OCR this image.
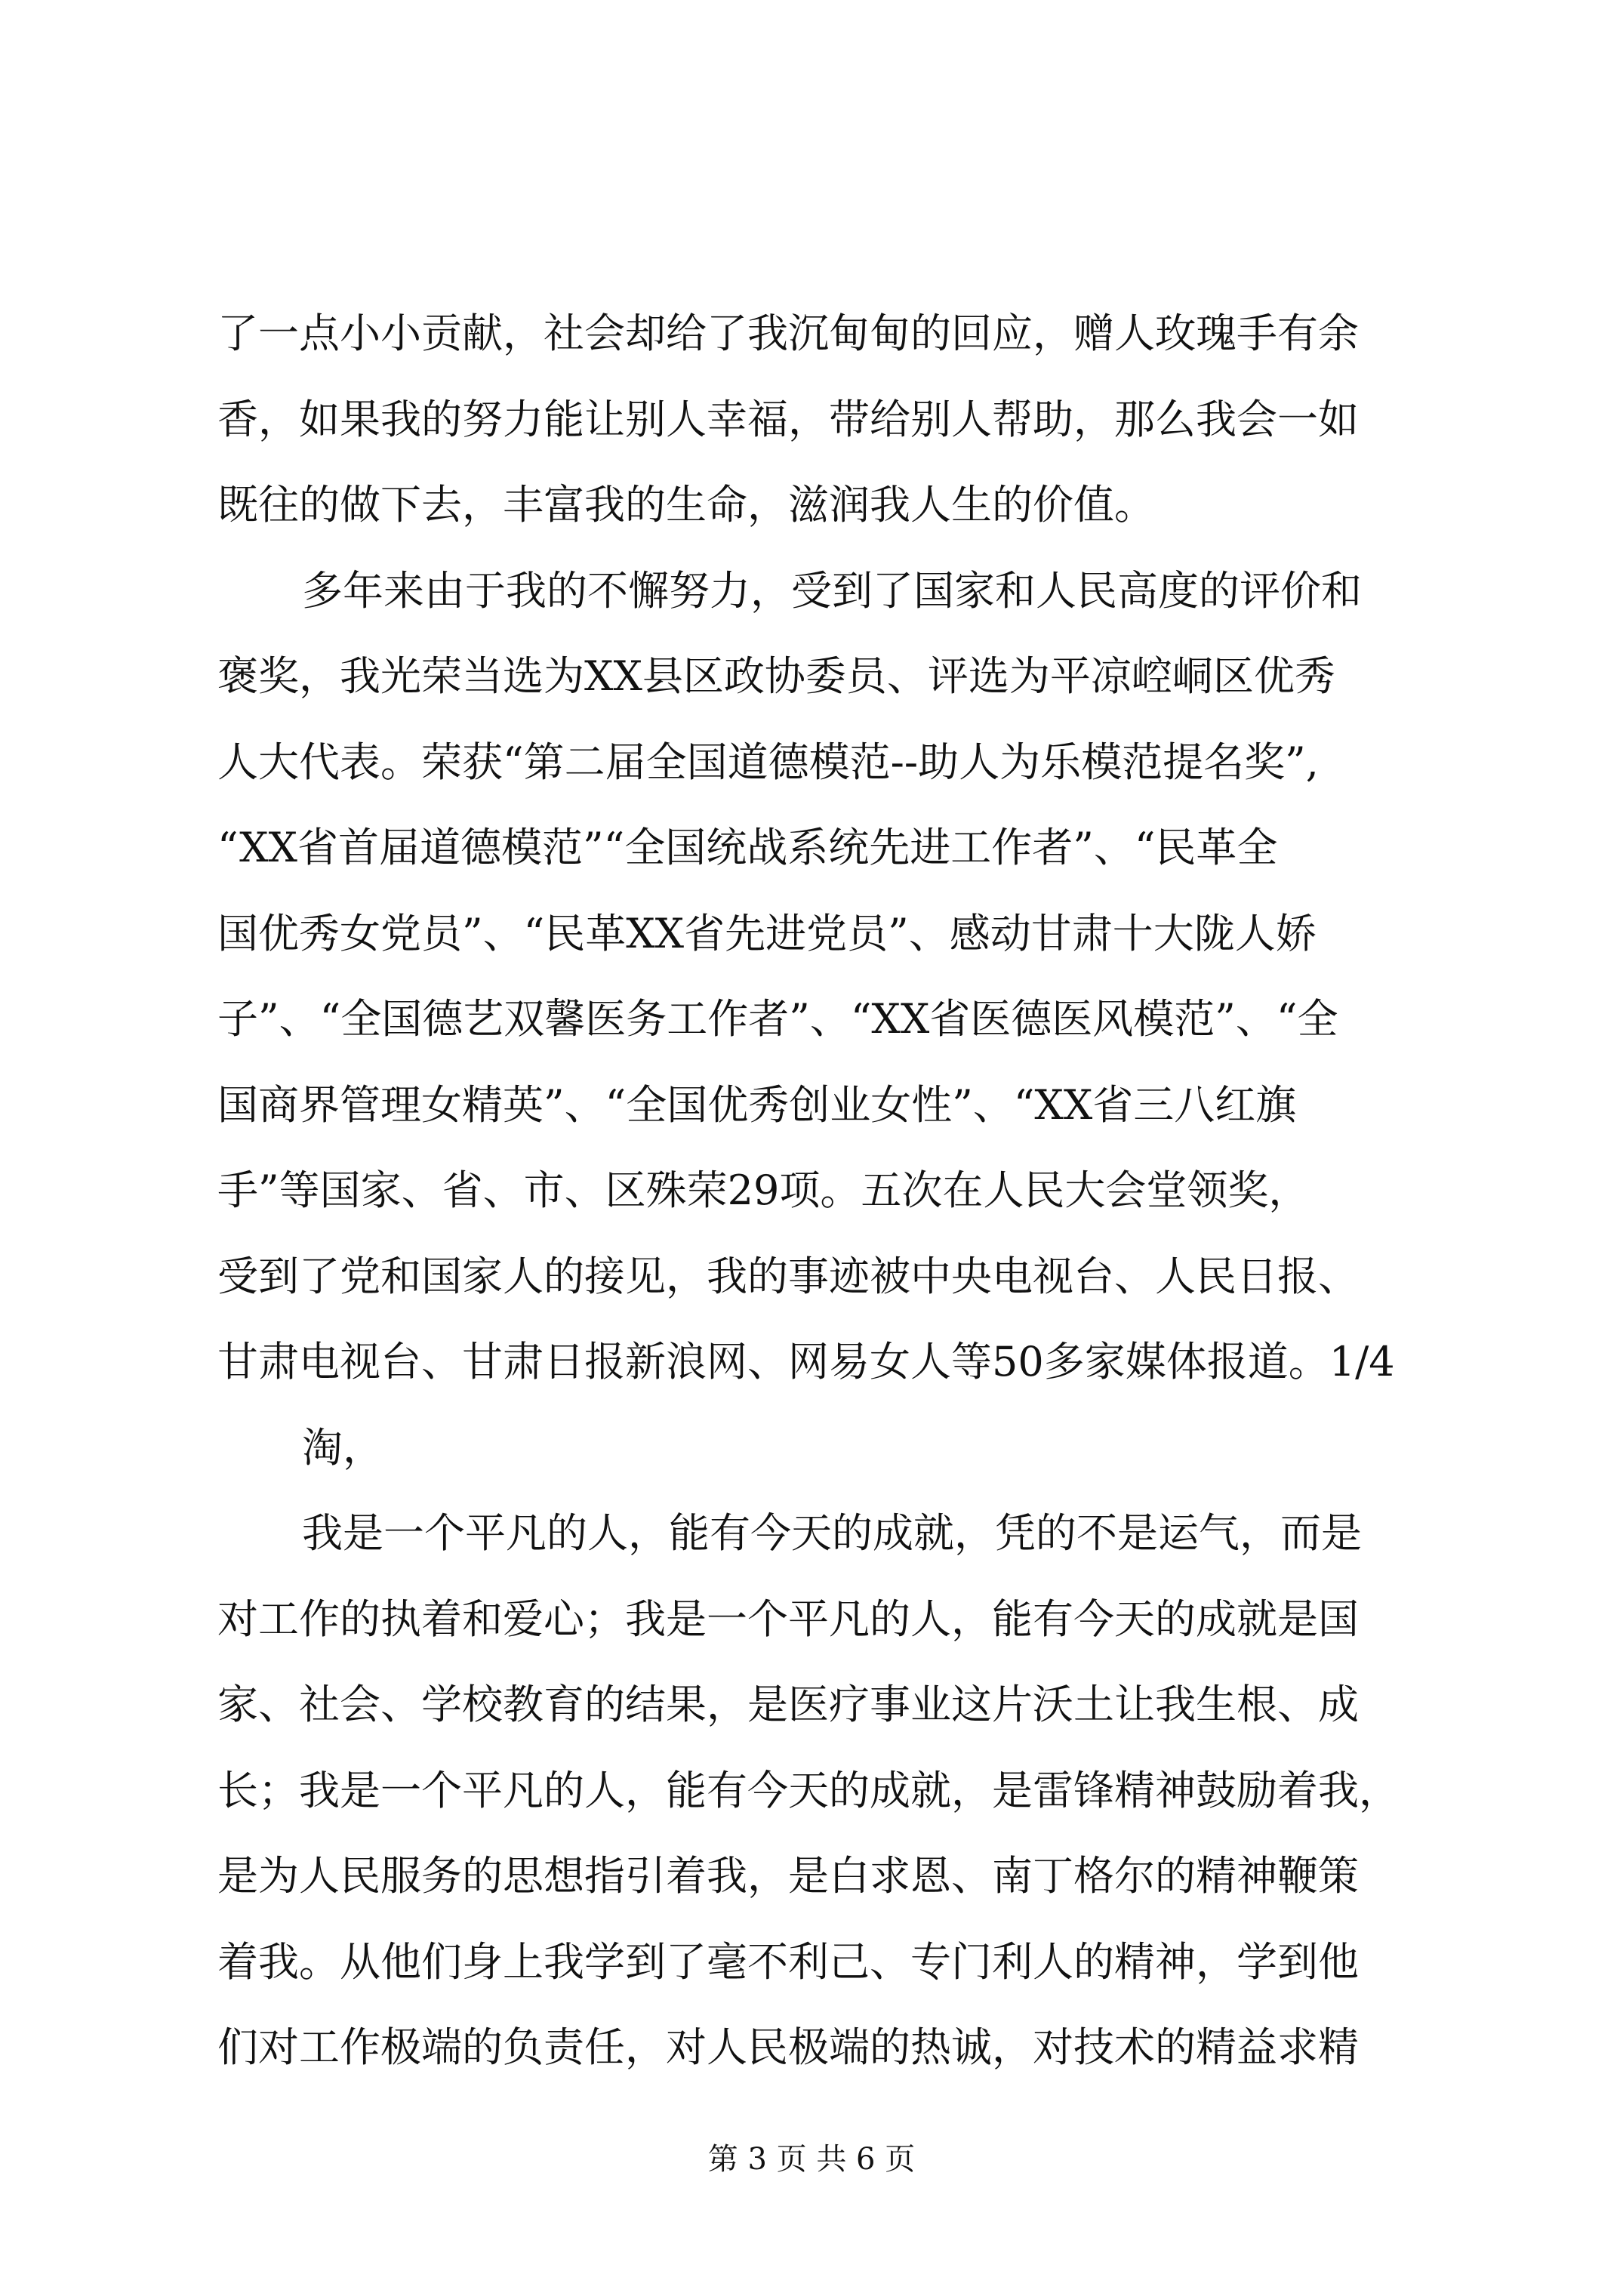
了一点小小贡献，社会却给了我沉甸甸的回应，赠人玫瑰手有余
香，如果我的努力能让别人幸福，带给别人帮助，那么我会一如
既往的做下去，丰富我的生命，滋润我人生的价值。
多年来由于我的不懈努力，受到了国家和人民高度的评价和
褒奖，我光荣当选为XX县区政协委员、评选为平凉崆峒区优秀
人大代表。荣获“第二届全国道德模范--助人为乐模范提名奖”,
“XX省首届道德模范”“全国统战系统先进工作者”、“民革全
国优秀女党员”、“民革XX省先进党员”、感动甘肃十大陇人娇
子”、“全国德艺双馨医务工作者”、“XX省医德医风模范”、“全
国商界管理女精英”、“全国优秀创业女性”、“XX省三八红旗
手”等国家、省、市、区殊荣29项。五次在人民大会堂领奖，
受到了党和国家人的接见，我的事迹被中央电视台、人民日报、
甘肃电视台、甘肃日报新浪网、网易女人等50多家媒体报道。1/4
淘，
我是一个平凡的人，能有今天的成就，凭的不是运气，而是
对工作的执着和爱心；我是一个平凡的人，能有今天的成就是国
家、社会、学校教育的结果，是医疗事业这片沃土让我生根、成
长；我是一个平凡的人，能有今天的成就，是雷锋精神鼓励着我，
是为人民服务的思想指引着我，是白求恩、南丁格尔的精神鞭策
着我。从他们身上我学到了毫不利己、专门利人的精神，学到他
们对工作极端的负责任，对人民极端的热诚，对技术的精益求精
第 3 页 共 6 页
